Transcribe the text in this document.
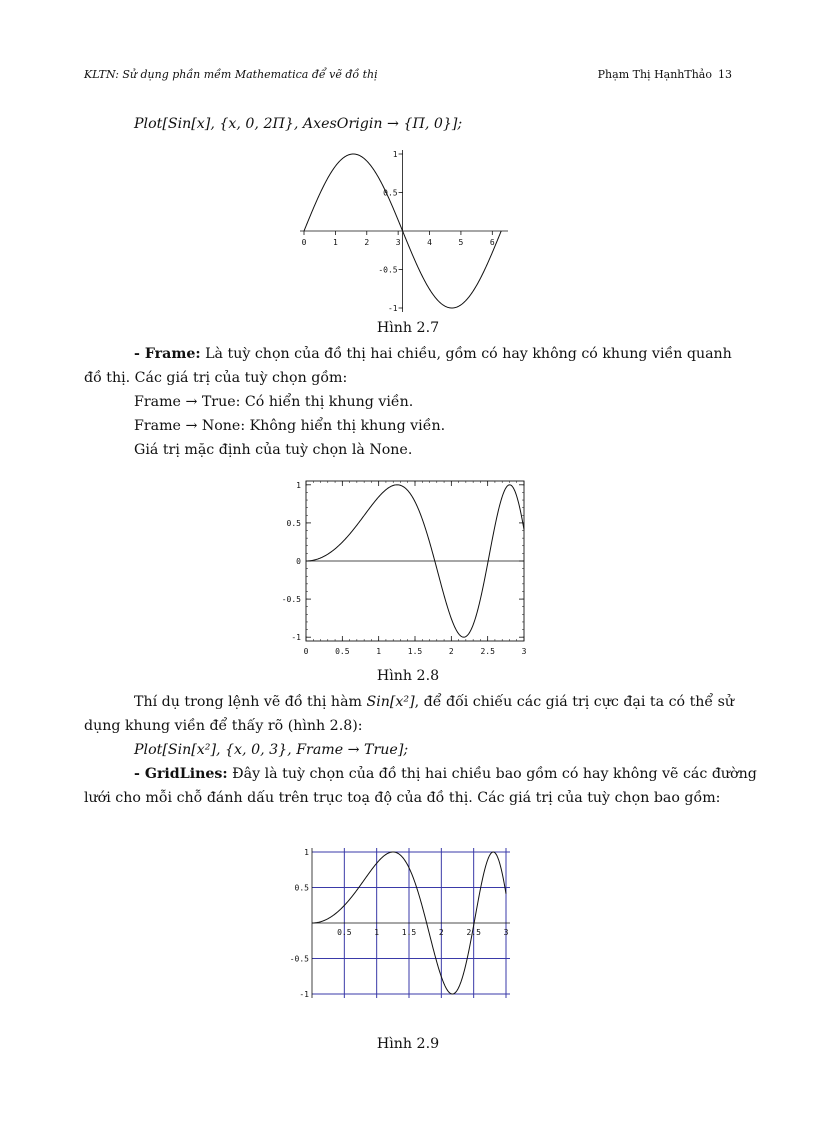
KLTN: Sử dụng phần mềm Mathematica để vẽ đồ thị	Phạm Thị HạnhThảo 13
Plot[Sin[x], {x, 0, 2Π}, AxesOrigin → {Π, 0}];
0	1	2	3	4	5	6
1
0.5
-0.5
-1
Hình 2.7
- Frame: Là tuỳ chọn của đồ thị hai chiều, gồm có hay không có khung viền quanh
đồ thị. Các giá trị của tuỳ chọn gồm:
Frame → True: Có hiển thị khung viền.
Frame → None: Không hiển thị khung viền.
Giá trị mặc định của tuỳ chọn là None.
0	0.5	1	1.5	2	2.5	3
1
0.5
0
-0.5
-1
Hình 2.8
Thí dụ trong lệnh vẽ đồ thị hàm Sin[x²], để đối chiếu các giá trị cực đại ta có thể sử
dụng khung viền để thấy rõ (hình 2.8):
Plot[Sin[x²], {x, 0, 3}, Frame → True];
- GridLines: Đây là tuỳ chọn của đồ thị hai chiều bao gồm có hay không vẽ các đường
lưới cho mỗi chỗ đánh dấu trên trục toạ độ của đồ thị. Các giá trị của tuỳ chọn bao gồm:
0.5	1	1.5	2	2.5	3
1
0.5
-0.5
-1
Hình 2.9
